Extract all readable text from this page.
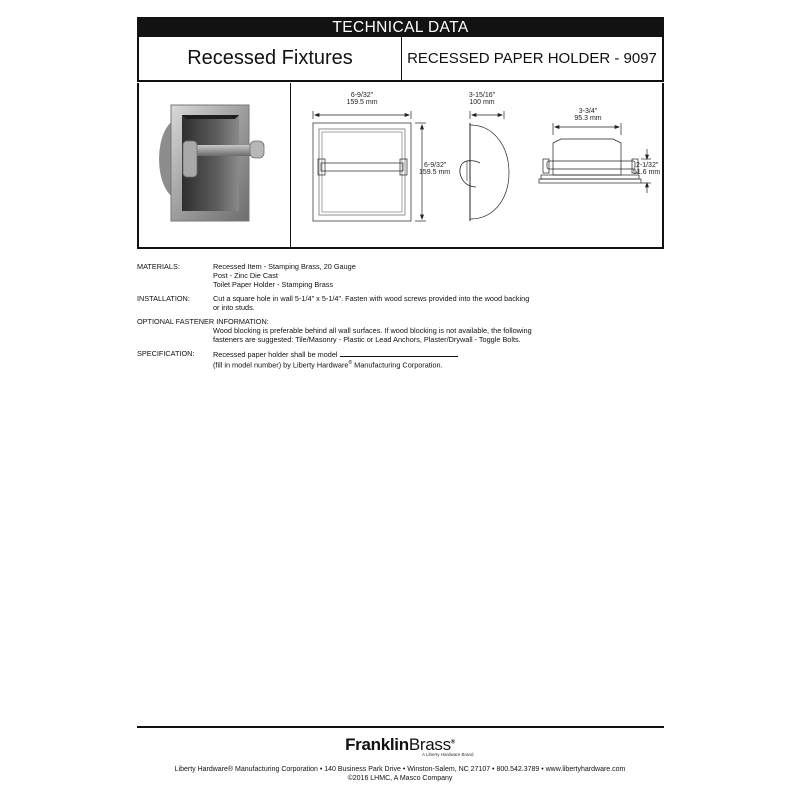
TECHNICAL DATA
Recessed Fixtures	RECESSED PAPER HOLDER - 9097
6-9/32"
159.5 mm
6-9/32"
159.5 mm
3-15/16"
100 mm
3-3/4"
95.3 mm
2-1/32"
51.6 mm
MATERIALS:	Recessed Item - Stamping Brass, 20 Gauge
Post - Zinc Die Cast
Toilet Paper Holder - Stamping Brass
INSTALLATION:	Cut a square hole in wall 5-1/4" x 5-1/4". Fasten with wood screws provided into the wood backing
or into studs.
OPTIONAL FASTENER INFORMATION:
Wood blocking is preferable behind all wall surfaces. If wood blocking is not available, the following
fasteners are suggested: Tile/Masonry - Plastic or Lead Anchors, Plaster/Drywall - Toggle Bolts.
SPECIFICATION:	Recessed paper holder shall be model
(fill in model number) by Liberty Hardware® Manufacturing Corporation.
FranklinBrass®
A Liberty Hardware Brand
Liberty Hardware® Manufacturing Corporation • 140 Business Park Drive • Winston-Salem, NC 27107 • 800.542.3789 • www.libertyhardware.com
©2016 LHMC, A Masco Company
